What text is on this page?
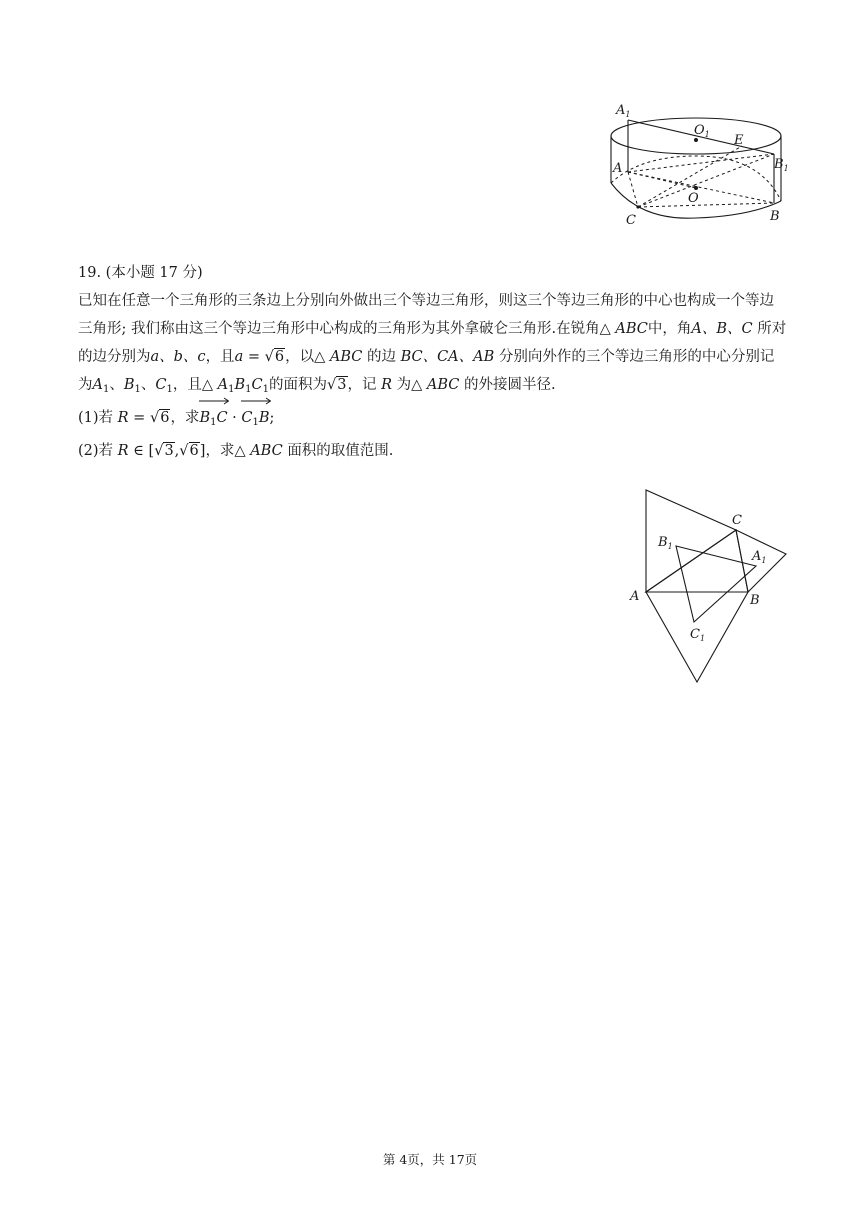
$A_1$
$O_1$ E
$B_1$
A
O
C	B

19. (本小题 17 分)

已知在任意一个三角形的三条边上分别向外做出三个等边三角形，则这三个等边三角形的中心也构成一个等边三角形; 我们称由这三个等边三角形中心构成的三角形为其外拿破仑三角形.在锐角△ ABC中，角A、B、C 所对的边分别为a、b、c，且a = √6，以△ ABC 的边 BC、CA、AB 分别向外作的三个等边三角形的中心分别记为$A_1$、$B_1$、$C_1$，且△ $A_1B_1C_1$的面积为√3，记 R 为△ ABC 的外接圆半径.

(1)若 R = √6，求
$B_1C$ ·
$C_1B$;

(2)若 R ∈ [√3,√6]，求△ ABC 面积的取值范围.

C
$B_1$
$A_1$
A	B
$C_1$
第 4页，共 17页
